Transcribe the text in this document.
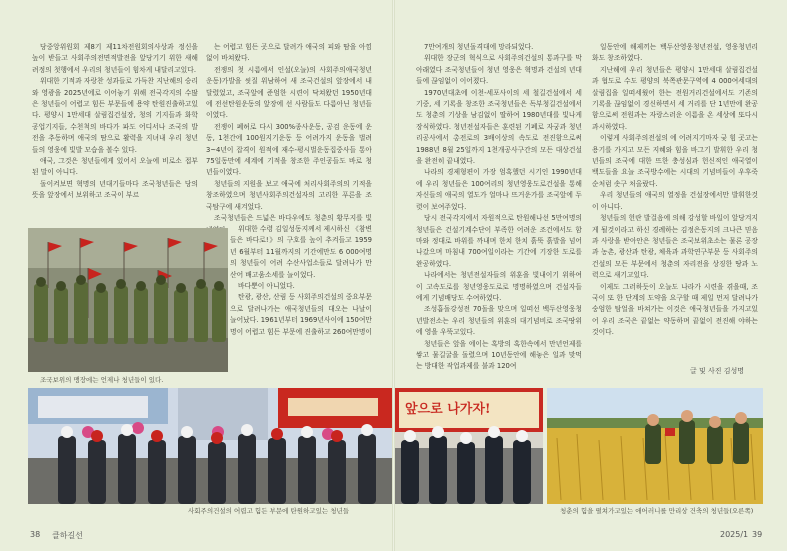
당중앙위원회 제8기 제11차전원회의사상과 정신을 높이 받들고 사회주의전면적발전을 앞당기기 위한 새해 려정의 첫행에서 우리의 청년들이 힘차게 내달리고있다.

위대한 기적과 자랑찬 성과들로 가득찬 지난해의 승리와 영광을 2025년에로 이어놓기 위해 전국각지의 수많은 청년들이 어렵고 힘든 부문들에 용약 탄원진출하고있다. 평양시 1만세대 살림집건설장, 청의 기지들과 화학공업기지들, 수천척의 바다가 파도 어디서나 조국의 발전을 추동하며 애국의 땀으로 활력을 지녀내 우리 청년들의 영웅에 빛발 모습을 볼수 있다.

애국, 그것은 청년들에게 있어서 오늘에 비로소 접부된 말이 아니다.

돌이켜보면 혁명의 년대기들마다 조국청년들은 당의 뜻을 앞장에서 보위하고 조국이 부르

는 어렵고 힘든 곳으로 달려가 애국의 피와 땀을 아낌없이 바쳐왔다.

전쟁의 첫 시름에서 인설(오늘)의 사회주의애국청년운동)가발을 씻질 위남하여 새 조국건설의 앞장에서 내달렸었고, 조국앞에 준엄한 시련이 닥쳐왔던 1950년대에 전선탄원운동의 앞장에 선 사람들도 다름아닌 청년들이였다.

전쟁이 폐허로 다시 300%종사운동, 공검 운동에 운동, 1천간에 100원지기운동 등 어려가지 운동을 벌려 3~4년이 잡격이 원적에 재수-평시벌운동집중사들 통아 75일동만에 세계에 기적을 창조한 주인공들도 바로 청년들이였다.

청년들의 지원을 보고 애국에 처리사회주의의 기적을 창조하였으며 청년사회주의건설자의 고리한 푸른을 조국탐구에 새겨었다.

조국청년들은 드넓은 바다우에도 청춘의 황무지를 빛

위대한 수령 김일성동지께서 제시하신 《참변들은 바다로!》의 구호를 높이 추켜들고 1959년 6월부터 11월까지의 기간에만도 6 000여명의 청년들이 어려 수산사업소들로 달려나가 만산어 배고움소세를 늘이었다.

바다뿐이 아니었다.

탄광, 광산, 산림 등 사회주의건설의 중요부문으로 달려나가는 애국청년들의 대오는 나날이 늘어났다. 1961년부터 1969년사이에 150여만명이 어렵고 힘든 부문에 진출하고 260여만명이

조국보위의 맹장에는 언제나 청년들이 있다.
사회주의건설의 어렵고 힘든 부문에 탄원하고있는 청년들
앞으로 나가자!
청춘의 힘을 떨쳐가고있는 애어러니를 만리상 건축의 청년들(오른쪽)

7만여개의 청년돌격대에 망라되었다.

위대한 장군의 혁식으로 사회주의건설의 통과구를 막아래였다 조국청년들이 청년 영웅은 혁명과 건설의 년대들에 끊임없이 이어졌다.

1970년대초에 이천-세포사이의 세 철길건설에서 세 기중, 세 기록을 창조한 조국청년들은 독부청길건설에서도 청춘의 기상을 남김없이 딸하여 1980년대를 빛나게 장식하였다. 청년전설자들은 훈련된 기폐로 자궁과 청년리공사에서 총전로의 3배이상의 속도로 전진함으로써 1988년 8월 25일까지 1천개공사구간의 모든 대상건설을 완전히 끝내였다.

나라의 경제형편이 가장 엄혹했던 시기인 1990년대에 우리 청년들은 100여리의 청년영웅도로건설을 통해 자신들의 애국의 열도가 얼마나 뜨거운가를 조국앞에 두렷이 보여주었다.

당시 전국각지에서 자원적으로 탄원해나선 5만여명의 청년들은 건설기계수단이 부족한 어려운 조건에서도 함마와 정대로 바위를 까내며 한치 한치 흙뚝 흙발을 넘어나갔으며 마침내 700여일이라는 기간에 기장한 도로를 완공하였다.

나라에서는 청년전설자들의 위훈을 빛내이기 위하여 이 고속도로를 청년영웅도로로 명명하였으며 건설자들에게 기념배당도 수여하였다.

조성흡돌강성전 70돌을 맞으며 일떠선 백두산영웅청년발전소는 우리 청년들의 위훈의 대기념비로 조국땅위에 영을 우뚝고있다.

청년들은 앞을 에이는 혹방의 혹한속에서 만년언제를 쌓고 물길굴을 돌렸으며 10년동안에 해놓은 일과 맞먹는 방대한 작업과제를 불과 120여

일동안에 해제끼는 백두산영웅청년전설, 영웅청년리화도 창조하였다.

지난해에 우리 청년들은 평양시 1만세대 살림집건설과 협도로 수도 평양의 북쪽관문구역에 4 000여세대의 살림집을 일떠세웠어 한는 전원거리건설에서도 기존의 기록을 끊임없이 경신하면서 세 거리를 단 1년만에 완공함으로써 전원과는 자랑스러운 이름을 온 세상에 또다시 과시하였다.

이렇게 사회주의전설의 에 어려지기마자 궂 힘 곳고는 용기를 가지고 모든 지혜와 힘을 바그기 발휘한 우리 청년들의 조국에 대한 뜨한 충성심과 헌신적인 애국열이 백도들을 요늘 조국방수에는 시대의 기념비들이 우후죽순처럼 솟구 처올랐다.

우리 청년들의 애국의 열정을 건설장에서만 발휘한것이 아니다.

청년들의 헌란 발걸음에 의해 강성할 바일이 앞당겨지게 될것이라고 하신 경례하는 김정은동지의 크나큰 믿음과 사랑을 받아안은 청년들은 조국보위초소는 물론 공장과 농촌, 광산과 탄광, 체육과 과학연구부문 등 사회주의건설의 모든 부문에서 청춘의 자리전을 상징한 땅과 노력으로 새기고있다.

이제도 그러하듯이 오늘도 나라가 시련을 겪을때, 조국이 또 한 단계의 도약을 요구할 때 제일 먼저 달려나가 숭엄한 탐얼을 바쳐가는 이것은 애국청년들을 가지고있어 우리 조국은 끝없는 약동하며 끝없이 전진해 야하는것이다.

글 및 사진 김성명
38 클하길선	2025/1 39
